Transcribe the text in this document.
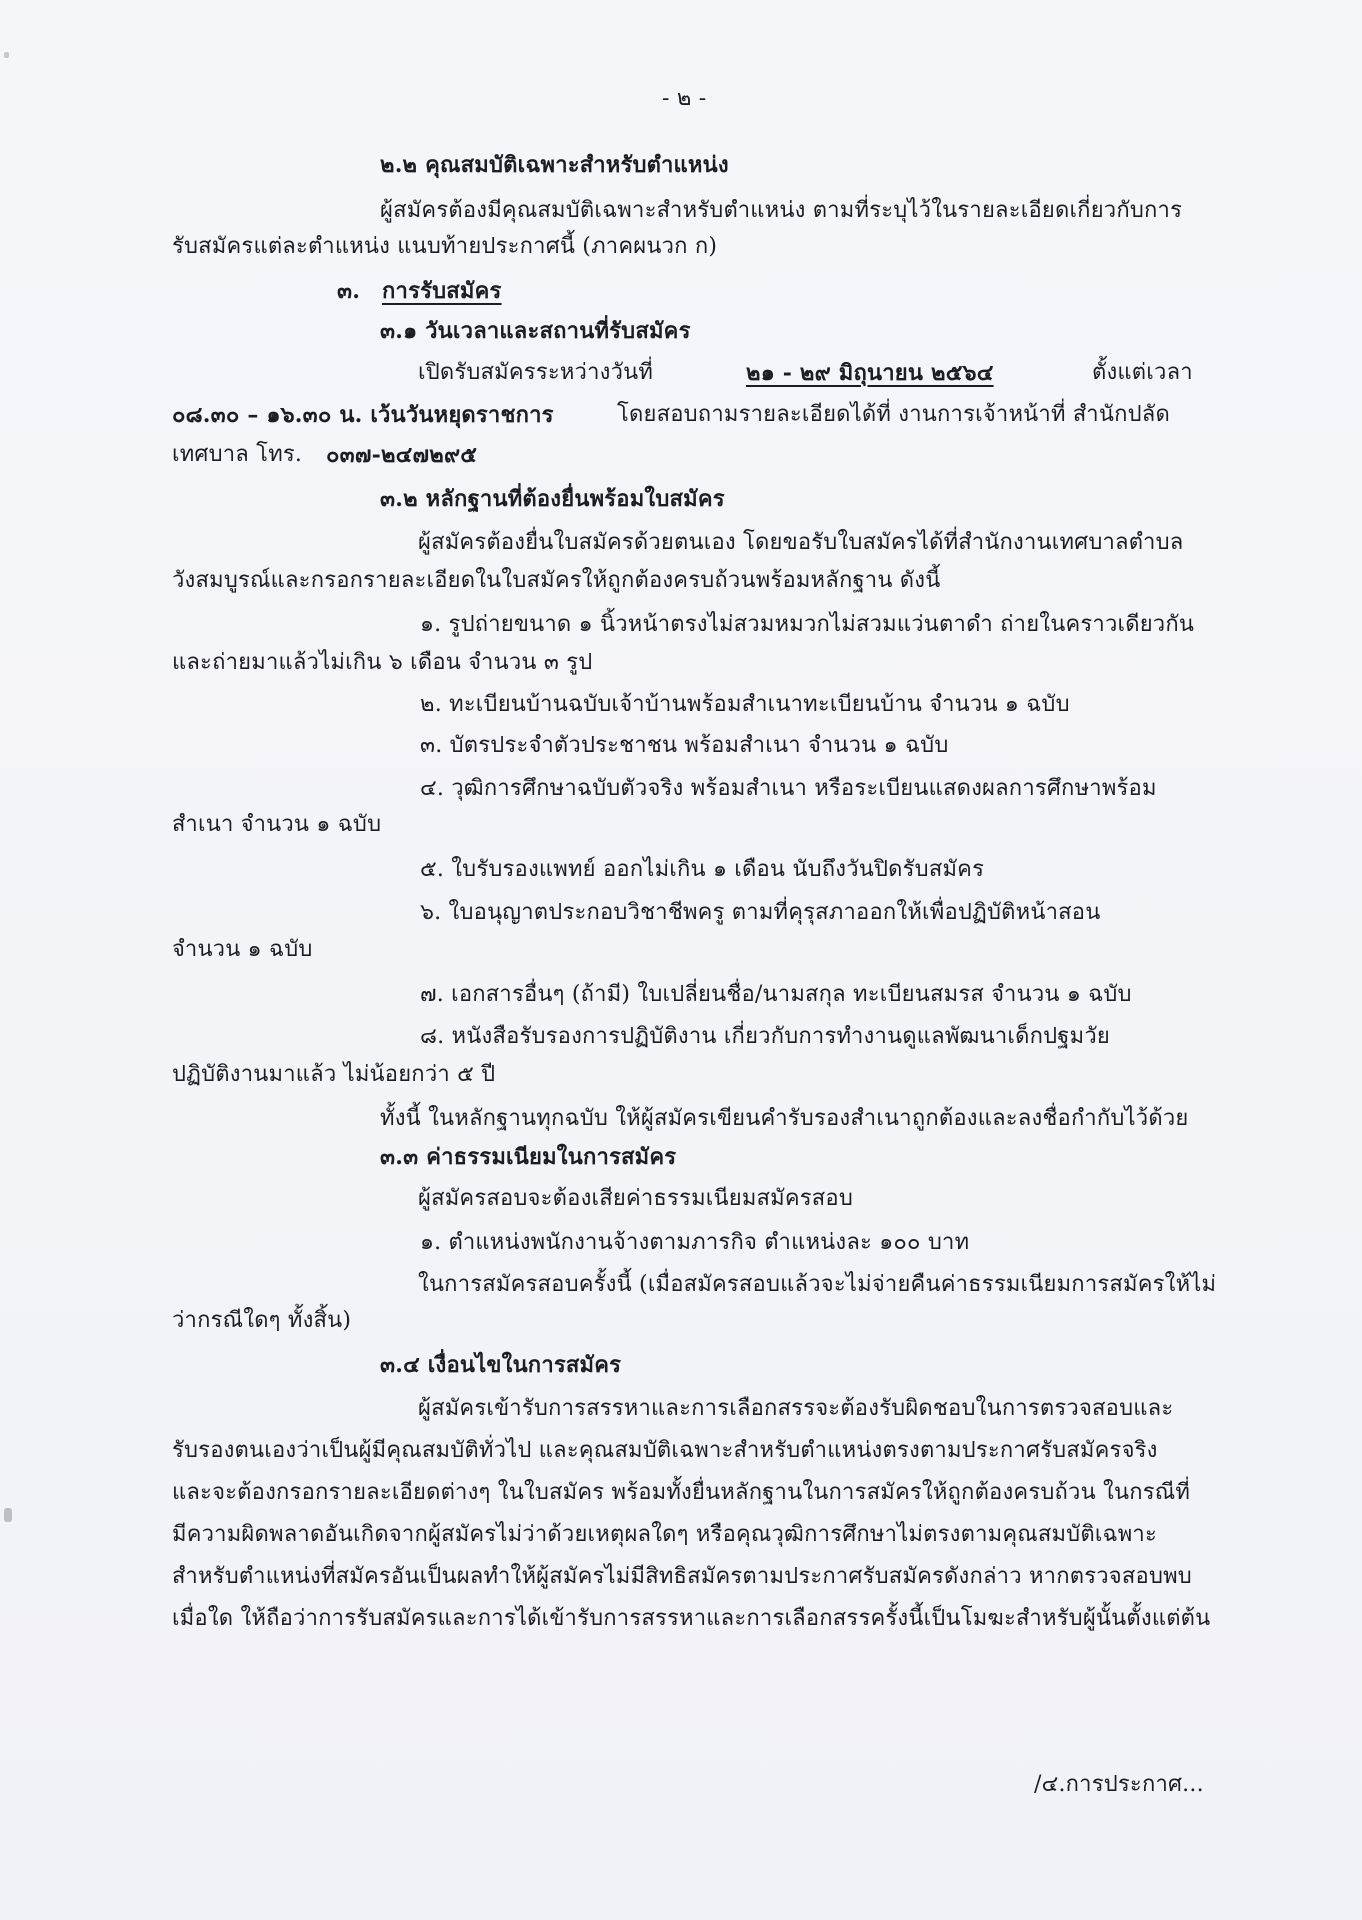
- ๒ -
๒.๒ คุณสมบัติเฉพาะสำหรับตำแหน่ง
ผู้สมัครต้องมีคุณสมบัติเฉพาะสำหรับตำแหน่ง ตามที่ระบุไว้ในรายละเอียดเกี่ยวกับการ
รับสมัครแต่ละตำแหน่ง แนบท้ายประกาศนี้ (ภาคผนวก ก)
๓. การรับสมัคร
๓.๑ วันเวลาและสถานที่รับสมัคร
เปิดรับสมัครระหว่างวันที่	๒๑ - ๒๙ มิถุนายน ๒๕๖๔	ตั้งแต่เวลา
๐๘.๓๐ – ๑๖.๓๐ น. เว้นวันหยุดราชการ	โดยสอบถามรายละเอียดได้ที่ งานการเจ้าหน้าที่ สำนักปลัด
เทศบาล โทร. ๐๓๗-๒๔๗๒๙๕
๓.๒ หลักฐานที่ต้องยื่นพร้อมใบสมัคร
ผู้สมัครต้องยื่นใบสมัครด้วยตนเอง โดยขอรับใบสมัครได้ที่สำนักงานเทศบาลตำบล
วังสมบูรณ์และกรอกรายละเอียดในใบสมัครให้ถูกต้องครบถ้วนพร้อมหลักฐาน ดังนี้
๑. รูปถ่ายขนาด ๑ นิ้วหน้าตรงไม่สวมหมวกไม่สวมแว่นตาดำ ถ่ายในคราวเดียวกัน
และถ่ายมาแล้วไม่เกิน ๖ เดือน จำนวน ๓ รูป
๒. ทะเบียนบ้านฉบับเจ้าบ้านพร้อมสำเนาทะเบียนบ้าน จำนวน ๑ ฉบับ
๓. บัตรประจำตัวประชาชน พร้อมสำเนา จำนวน ๑ ฉบับ
๔. วุฒิการศึกษาฉบับตัวจริง พร้อมสำเนา หรือระเบียนแสดงผลการศึกษาพร้อม
สำเนา จำนวน ๑ ฉบับ
๕. ใบรับรองแพทย์ ออกไม่เกิน ๑ เดือน นับถึงวันปิดรับสมัคร
๖. ใบอนุญาตประกอบวิชาชีพครู ตามที่คุรุสภาออกให้เพื่อปฏิบัติหน้าสอน
จำนวน ๑ ฉบับ
๗. เอกสารอื่นๆ (ถ้ามี) ใบเปลี่ยนชื่อ/นามสกุล ทะเบียนสมรส จำนวน ๑ ฉบับ
๘. หนังสือรับรองการปฏิบัติงาน เกี่ยวกับการทำงานดูแลพัฒนาเด็กปฐมวัย
ปฏิบัติงานมาแล้ว ไม่น้อยกว่า ๕ ปี
ทั้งนี้ ในหลักฐานทุกฉบับ ให้ผู้สมัครเขียนคำรับรองสำเนาถูกต้องและลงชื่อกำกับไว้ด้วย
๓.๓ ค่าธรรมเนียมในการสมัคร
ผู้สมัครสอบจะต้องเสียค่าธรรมเนียมสมัครสอบ
๑. ตำแหน่งพนักงานจ้างตามภารกิจ ตำแหน่งละ ๑๐๐ บาท
ในการสมัครสอบครั้งนี้ (เมื่อสมัครสอบแล้วจะไม่จ่ายคืนค่าธรรมเนียมการสมัครให้ไม่
ว่ากรณีใดๆ ทั้งสิ้น)
๓.๔ เงื่อนไขในการสมัคร
ผู้สมัครเข้ารับการสรรหาและการเลือกสรรจะต้องรับผิดชอบในการตรวจสอบและ
รับรองตนเองว่าเป็นผู้มีคุณสมบัติทั่วไป และคุณสมบัติเฉพาะสำหรับตำแหน่งตรงตามประกาศรับสมัครจริง
และจะต้องกรอกรายละเอียดต่างๆ ในใบสมัคร พร้อมทั้งยื่นหลักฐานในการสมัครให้ถูกต้องครบถ้วน ในกรณีที่
มีความผิดพลาดอันเกิดจากผู้สมัครไม่ว่าด้วยเหตุผลใดๆ หรือคุณวุฒิการศึกษาไม่ตรงตามคุณสมบัติเฉพาะ
สำหรับตำแหน่งที่สมัครอันเป็นผลทำให้ผู้สมัครไม่มีสิทธิสมัครตามประกาศรับสมัครดังกล่าว หากตรวจสอบพบ
เมื่อใด ให้ถือว่าการรับสมัครและการได้เข้ารับการสรรหาและการเลือกสรรครั้งนี้เป็นโมฆะสำหรับผู้นั้นตั้งแต่ต้น
/๔.การประกาศ...
